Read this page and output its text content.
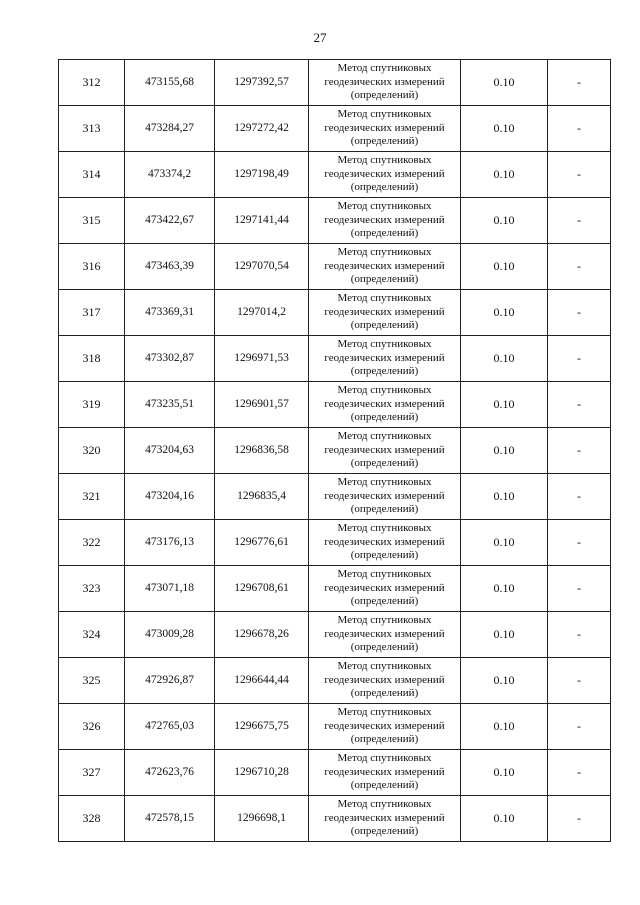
27
312	473155,68	1297392,57	Метод спутниковых
геодезических измерений
(определений)	0.10	-
313	473284,27	1297272,42	Метод спутниковых
геодезических измерений
(определений)	0.10	-
314	473374,2	1297198,49	Метод спутниковых
геодезических измерений
(определений)	0.10	-
315	473422,67	1297141,44	Метод спутниковых
геодезических измерений
(определений)	0.10	-
316	473463,39	1297070,54	Метод спутниковых
геодезических измерений
(определений)	0.10	-
317	473369,31	1297014,2	Метод спутниковых
геодезических измерений
(определений)	0.10	-
318	473302,87	1296971,53	Метод спутниковых
геодезических измерений
(определений)	0.10	-
319	473235,51	1296901,57	Метод спутниковых
геодезических измерений
(определений)	0.10	-
320	473204,63	1296836,58	Метод спутниковых
геодезических измерений
(определений)	0.10	-
321	473204,16	1296835,4	Метод спутниковых
геодезических измерений
(определений)	0.10	-
322	473176,13	1296776,61	Метод спутниковых
геодезических измерений
(определений)	0.10	-
323	473071,18	1296708,61	Метод спутниковых
геодезических измерений
(определений)	0.10	-
324	473009,28	1296678,26	Метод спутниковых
геодезических измерений
(определений)	0.10	-
325	472926,87	1296644,44	Метод спутниковых
геодезических измерений
(определений)	0.10	-
326	472765,03	1296675,75	Метод спутниковых
геодезических измерений
(определений)	0.10	-
327	472623,76	1296710,28	Метод спутниковых
геодезических измерений
(определений)	0.10	-
328	472578,15	1296698,1	Метод спутниковых
геодезических измерений
(определений)	0.10	-
